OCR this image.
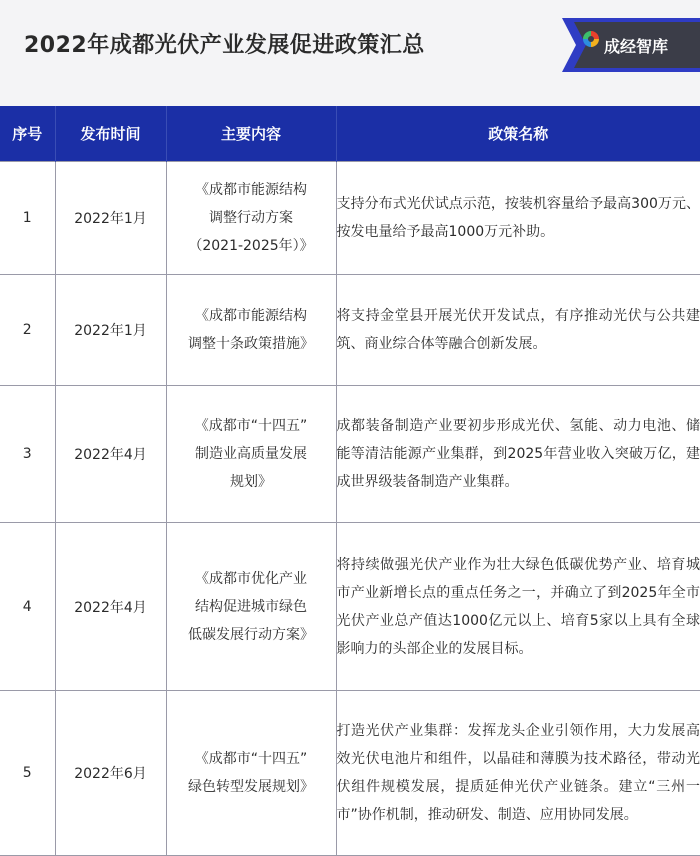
2022年成都光伏产业发展促进政策汇总	成经智库
序号	发布时间	主要内容	政策名称
1	2022年1月	《成都市能源结构
调整行动方案
（2021-2025年）》	支持分布式光伏试点示范，按装机容量给予最高300万元、按发电量给予最高1000万元补助。
2	2022年1月	《成都市能源结构
调整十条政策措施》	将支持金堂县开展光伏开发试点，有序推动光伏与公共建筑、商业综合体等融合创新发展。
3	2022年4月	《成都市“十四五”
制造业高质量发展
规划》	成都装备制造产业要初步形成光伏、氢能、动力电池、储能等清洁能源产业集群，到2025年营业收入突破万亿，建成世界级装备制造产业集群。
4	2022年4月	《成都市优化产业
结构促进城市绿色
低碳发展行动方案》	将持续做强光伏产业作为壮大绿色低碳优势产业、培育城市产业新增长点的重点任务之一，并确立了到2025年全市光伏产业总产值达1000亿元以上、培育5家以上具有全球影响力的头部企业的发展目标。
5	2022年6月	《成都市“十四五”
绿色转型发展规划》	打造光伏产业集群：发挥龙头企业引领作用，大力发展高效光伏电池片和组件，以晶硅和薄膜为技术路径，带动光伏组件规模发展，提质延伸光伏产业链条。建立“三州一市”协作机制，推动研发、制造、应用协同发展。
